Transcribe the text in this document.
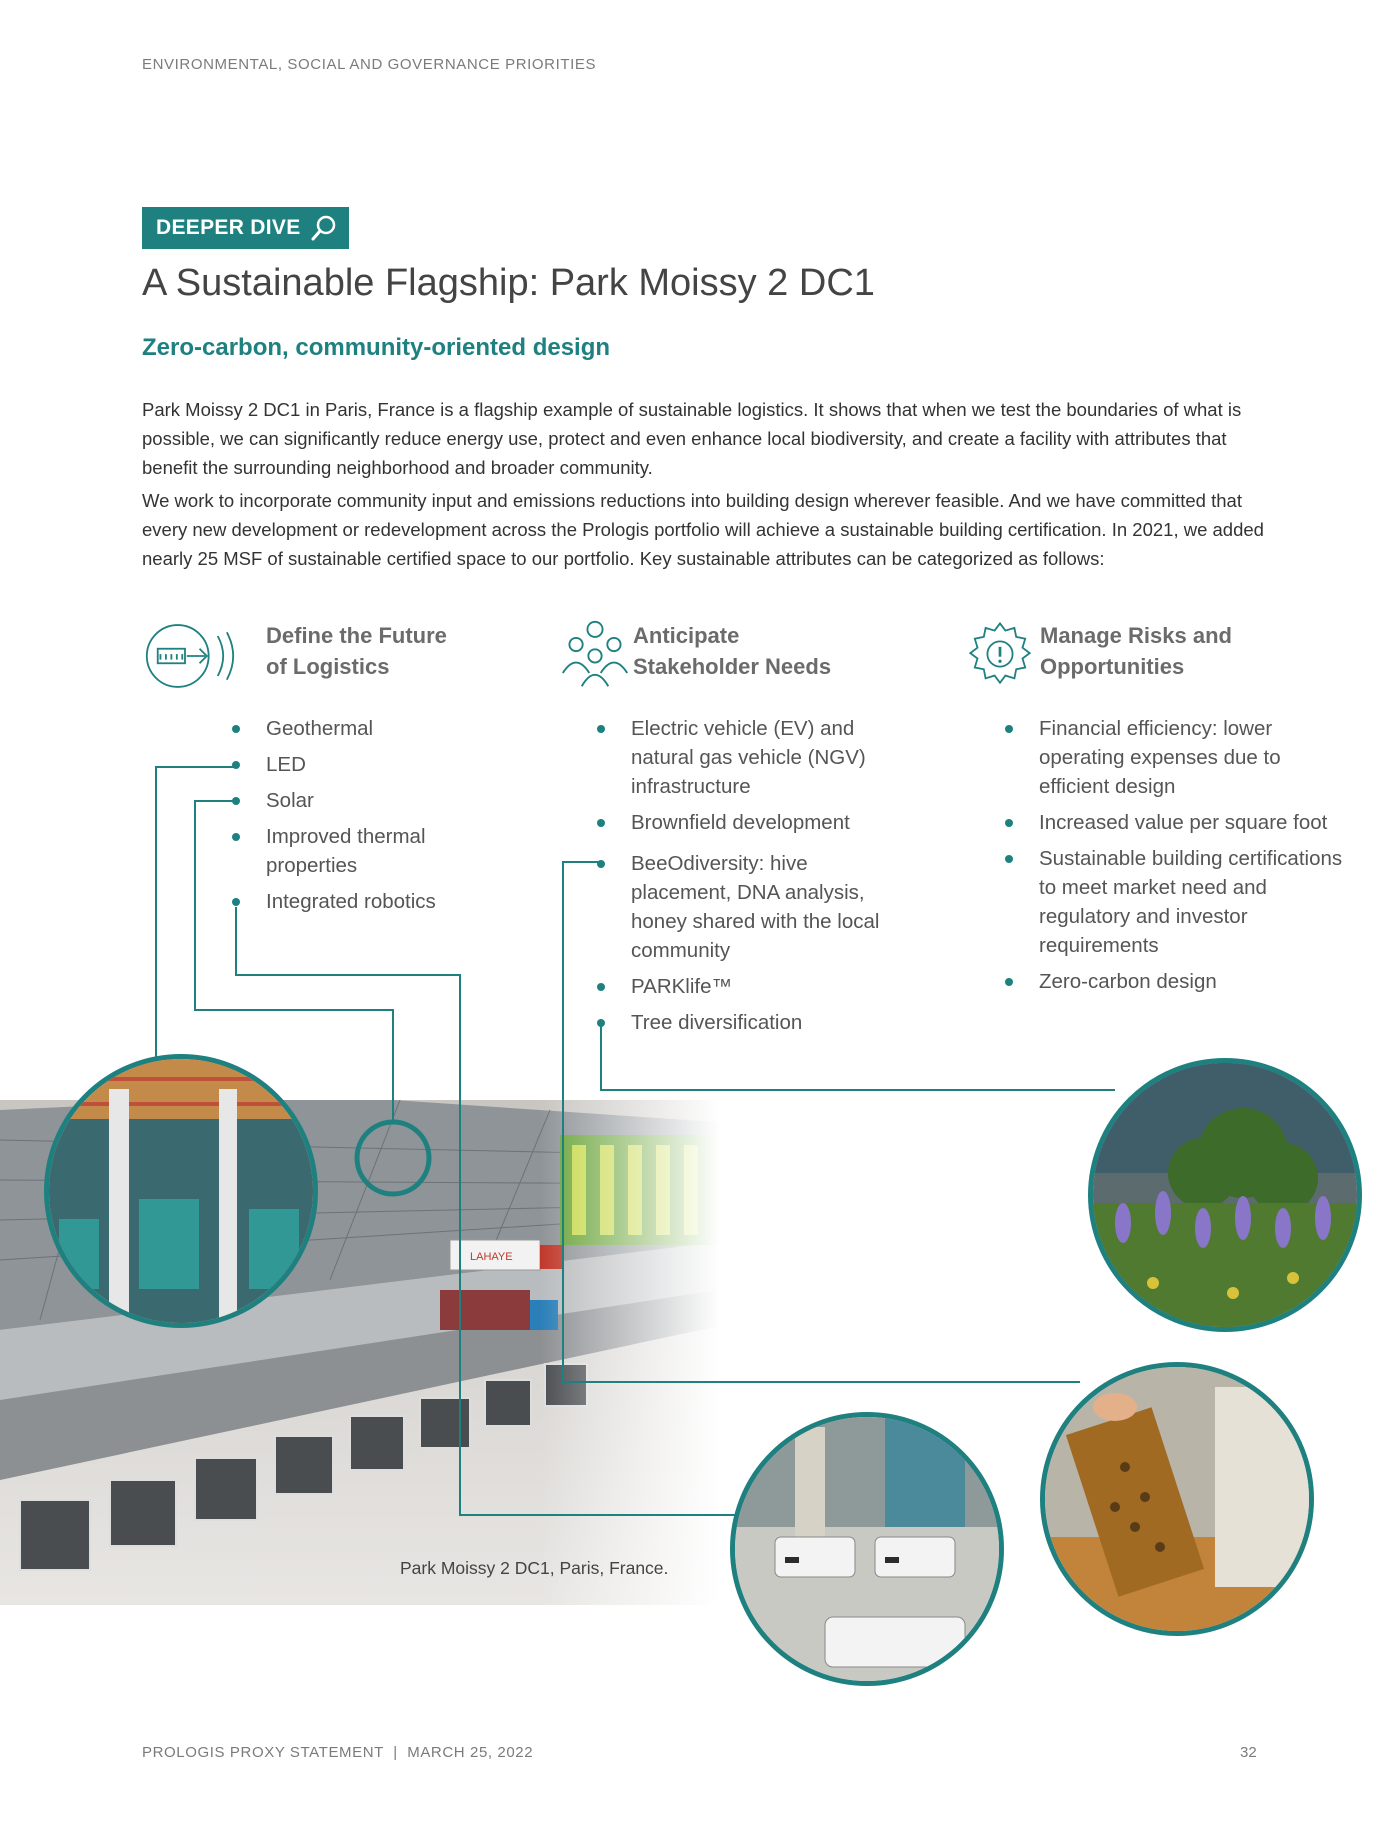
ENVIRONMENTAL, SOCIAL AND GOVERNANCE PRIORITIES
DEEPER DIVE
A Sustainable Flagship: Park Moissy 2 DC1
Zero-carbon, community-oriented design

Park Moissy 2 DC1 in Paris, France is a flagship example of sustainable logistics. It shows that when we test the boundaries of what is possible, we can significantly reduce energy use, protect and even enhance local biodiversity, and create a facility with attributes that benefit the surrounding neighborhood and broader community.

We work to incorporate community input and emissions reductions into building design wherever feasible. And we have committed that every new development or redevelopment across the Prologis portfolio will achieve a sustainable building certification. In 2021, we added nearly 25 MSF of sustainable certified space to our portfolio. Key sustainable attributes can be categorized as follows:

Define the Future
of Logistics
Geothermal
LED
Solar
Improved thermal properties
Integrated robotics
Anticipate
Stakeholder Needs
Electric vehicle (EV) and natural gas vehicle (NGV) infrastructure
Brownfield development
BeeOdiversity: hive placement, DNA analysis, honey shared with the local community
PARKlife™
Tree diversification
Manage Risks and
Opportunities
Financial efficiency: lower operating expenses due to efficient design
Increased value per square foot
Sustainable building certifications to meet market need and regulatory and investor requirements
Zero-carbon design
Park Moissy 2 DC1, Paris, France.
PROLOGIS PROXY STATEMENT  |  MARCH 25, 2022	32
